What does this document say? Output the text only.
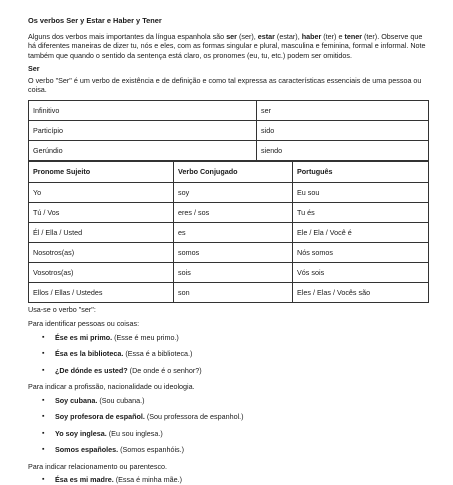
Os verbos Ser y Estar e Haber y Tener

Alguns dos verbos mais importantes da língua espanhola são ser (ser), estar (estar), haber (ter) e tener (ter). Observe que há diferentes maneiras de dizer tu, nós e eles, com as formas singular e plural, masculina e feminina, formal e informal. Note também que quando o sentido da sentença está claro, os pronomes (eu, tu, etc.) podem ser omitidos.

Ser

O verbo "Ser" é um verbo de existência e de definição e como tal expressa as características essenciais de uma pessoa ou coisa.

Infinitivo	ser
Particípio	sido
Gerúndio	siendo
Pronome Sujeito	Verbo Conjugado	Português
Yo	soy	Eu sou
Tú / Vos	eres / sos	Tu és
Él / Ella / Usted	es	Ele / Ela / Você é
Nosotros(as)	somos	Nós somos
Vosotros(as)	sois	Vós sois
Ellos / Ellas / Ustedes	son	Eles / Elas / Vocês são

Usa-se o verbo "ser":

Para identificar pessoas ou coisas:

▪ Ése es mi primo. (Esse é meu primo.)
▪ Ésa es la biblioteca. (Essa é a biblioteca.)
▪ ¿De dónde es usted? (De onde é o senhor?)

Para indicar a profissão, nacionalidade ou ideologia.

▪ Soy cubana. (Sou cubana.)
▪ Soy profesora de español. (Sou professora de espanhol.)
▪ Yo soy inglesa. (Eu sou inglesa.)
▪ Somos españoles. (Somos espanhóis.)

Para indicar relacionamento ou parentesco.

▪ Ésa es mi madre. (Essa é minha mãe.)
